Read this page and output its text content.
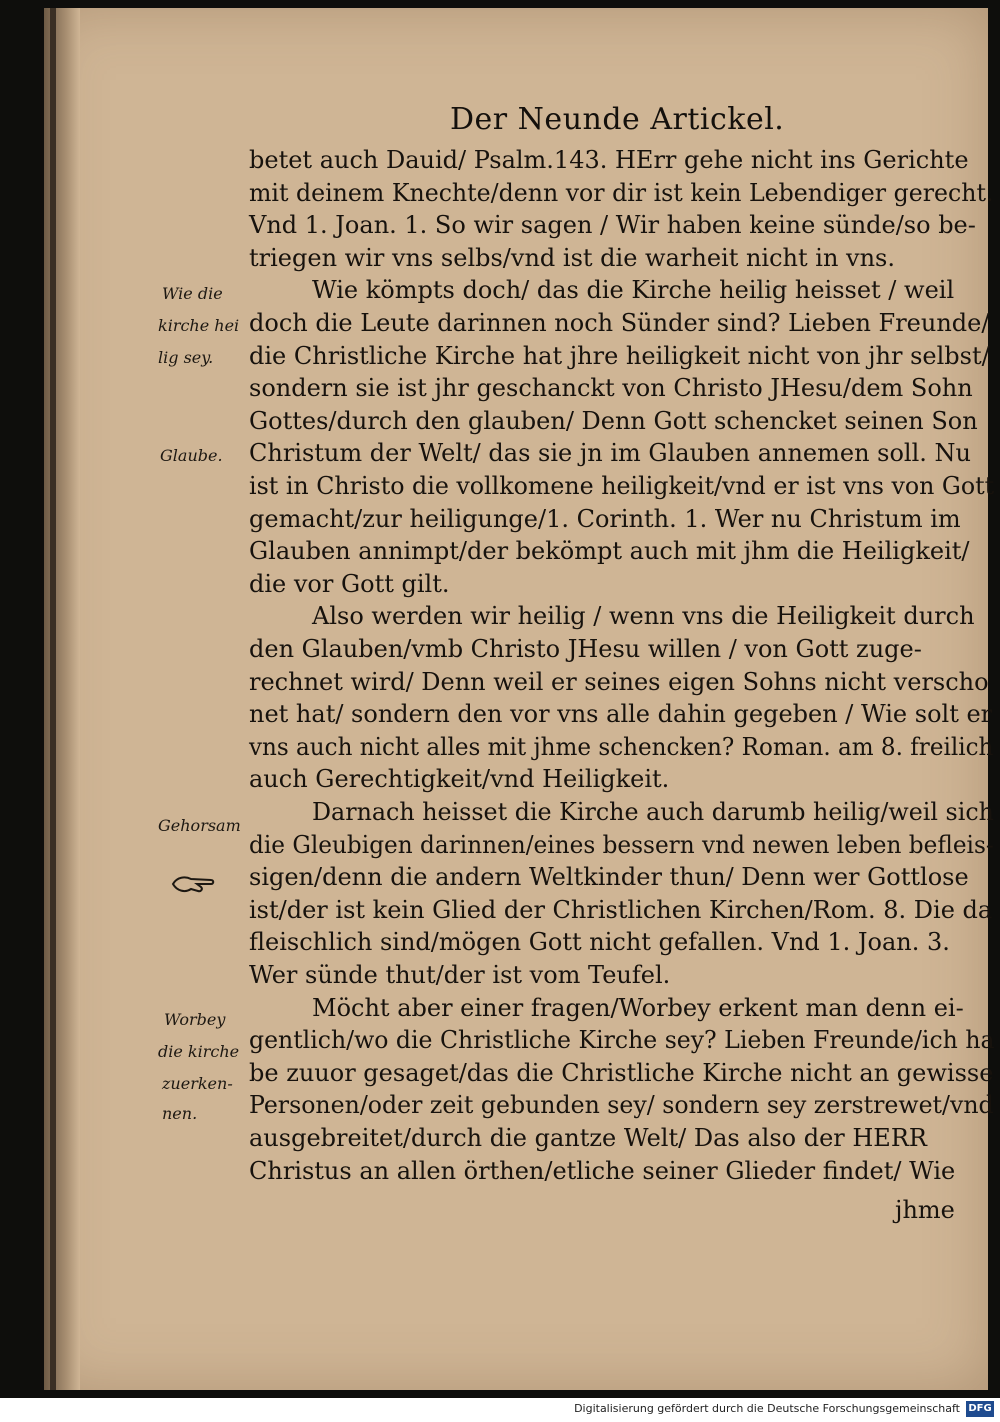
Der Neunde Artickel.
betet auch Dauid/ Psalm.143. HErr gehe nicht ins Gerichte
mit deinem Knechte/denn vor dir ist kein Lebendiger gerecht.
Vnd 1. Joan. 1. So wir sagen / Wir haben keine sünde/so be-
triegen wir vns selbs/vnd ist die warheit nicht in vns.
Wie kömpts doch/ das die Kirche heilig heisset / weil
doch die Leute darinnen noch Sünder sind? Lieben Freunde/
die Christliche Kirche hat jhre heiligkeit nicht von jhr selbst/
sondern sie ist jhr geschanckt von Christo JHesu/dem Sohn
Gottes/durch den glauben/ Denn Gott schencket seinen Son
Christum der Welt/ das sie jn im Glauben annemen soll. Nu
ist in Christo die vollkomene heiligkeit/vnd er ist vns von Gott
gemacht/zur heiligunge/1. Corinth. 1. Wer nu Christum im
Glauben annimpt/der bekömpt auch mit jhm die Heiligkeit/
die vor Gott gilt.
Also werden wir heilig / wenn vns die Heiligkeit durch
den Glauben/vmb Christo JHesu willen / von Gott zuge-
rechnet wird/ Denn weil er seines eigen Sohns nicht verscho
net hat/ sondern den vor vns alle dahin gegeben / Wie solt er
vns auch nicht alles mit jhme schencken? Roman. am 8. freilich
auch Gerechtigkeit/vnd Heiligkeit.
Darnach heisset die Kirche auch darumb heilig/weil sich
die Gleubigen darinnen/eines bessern vnd newen leben befleis-
sigen/denn die andern Weltkinder thun/ Denn wer Gottlose
ist/der ist kein Glied der Christlichen Kirchen/Rom. 8. Die da
fleischlich sind/mögen Gott nicht gefallen. Vnd 1. Joan. 3.
Wer sünde thut/der ist vom Teufel.
Möcht aber einer fragen/Worbey erkent man denn ei-
gentlich/wo die Christliche Kirche sey? Lieben Freunde/ich ha
be zuuor gesaget/das die Christliche Kirche nicht an gewisse
Personen/oder zeit gebunden sey/ sondern sey zerstrewet/vnd
ausgebreitet/durch die gantze Welt/ Das also der HERR
Christus an allen örthen/etliche seiner Glieder findet/ Wie
Wie die
kirche hei
lig sey.
Glaube.
Gehorsam
Worbey
die kirche
zuerken-
nen.
jhme
Digitalisierung gefördert durch die Deutsche Forschungsgemeinschaft DFG
